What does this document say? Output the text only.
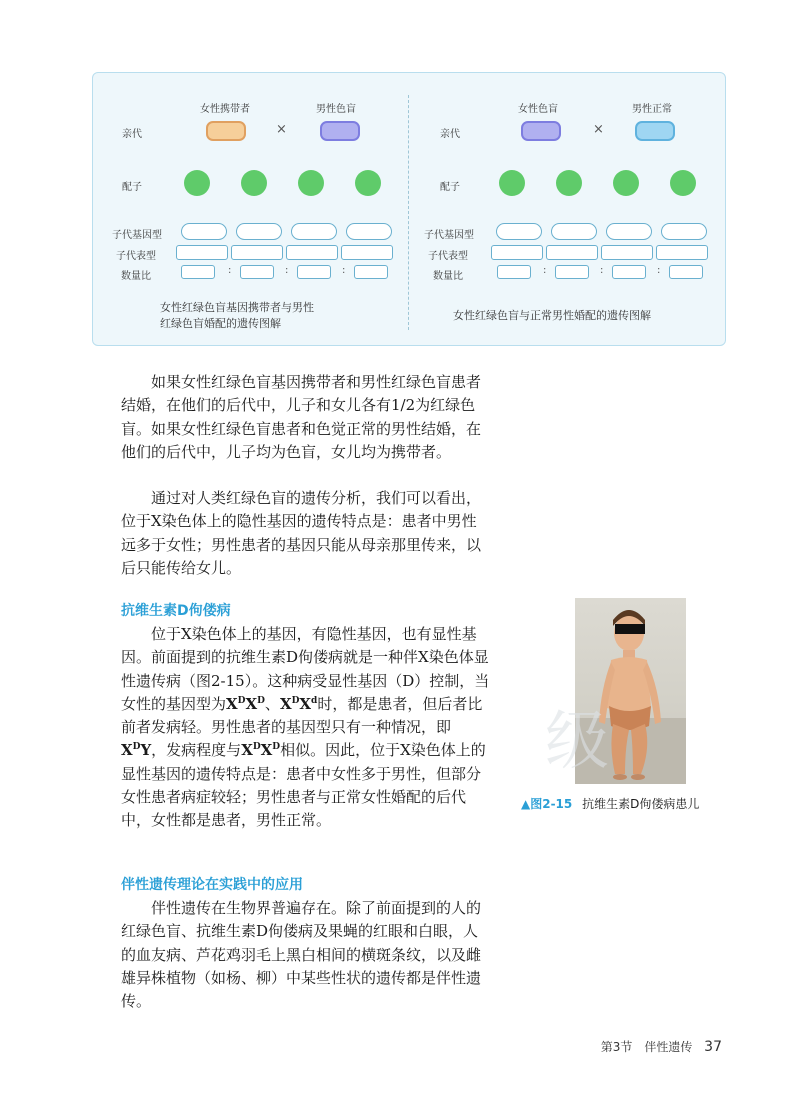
女性携带者	男性色盲
亲代	×
配子
子代基因型
子代表型
数量比
:	:	:
女性红绿色盲基因携带者与男性
红绿色盲婚配的遗传图解
女性色盲	男性正常
亲代	×
配子
子代基因型
子代表型
数量比
:	:	:
女性红绿色盲与正常男性婚配的遗传图解
如果女性红绿色盲基因携带者和男性红绿色盲患者结婚，在他们的后代中，儿子和女儿各有1/2为红绿色盲。如果女性红绿色盲患者和色觉正常的男性结婚，在他们的后代中，儿子均为色盲，女儿均为携带者。
通过对人类红绿色盲的遗传分析，我们可以看出，位于X染色体上的隐性基因的遗传特点是：患者中男性远多于女性；男性患者的基因只能从母亲那里传来，以后只能传给女儿。
抗维生素D佝偻病
位于X染色体上的基因，有隐性基因，也有显性基因。前面提到的抗维生素D佝偻病就是一种伴X染色体显性遗传病（图2-15）。这种病受显性基因（D）控制，当女性的基因型为$X^DX^D$、$X^DX^d$时，都是患者，但后者比前者发病轻。男性患者的基因型只有一种情况，即$X^DY$，发病程度与$X^DX^D$相似。因此，位于X染色体上的显性基因的遗传特点是：患者中女性多于男性，但部分女性患者病症较轻；男性患者与正常女性婚配的后代中，女性都是患者，男性正常。
伴性遗传理论在实践中的应用
伴性遗传在生物界普遍存在。除了前面提到的人的红绿色盲、抗维生素D佝偻病及果蝇的红眼和白眼，人的血友病、芦花鸡羽毛上黑白相间的横斑条纹，以及雌雄异株植物（如杨、柳）中某些性状的遗传都是伴性遗传。
级
▲图2-15 抗维生素D佝偻病患儿
第3节　伴性遗传 37
